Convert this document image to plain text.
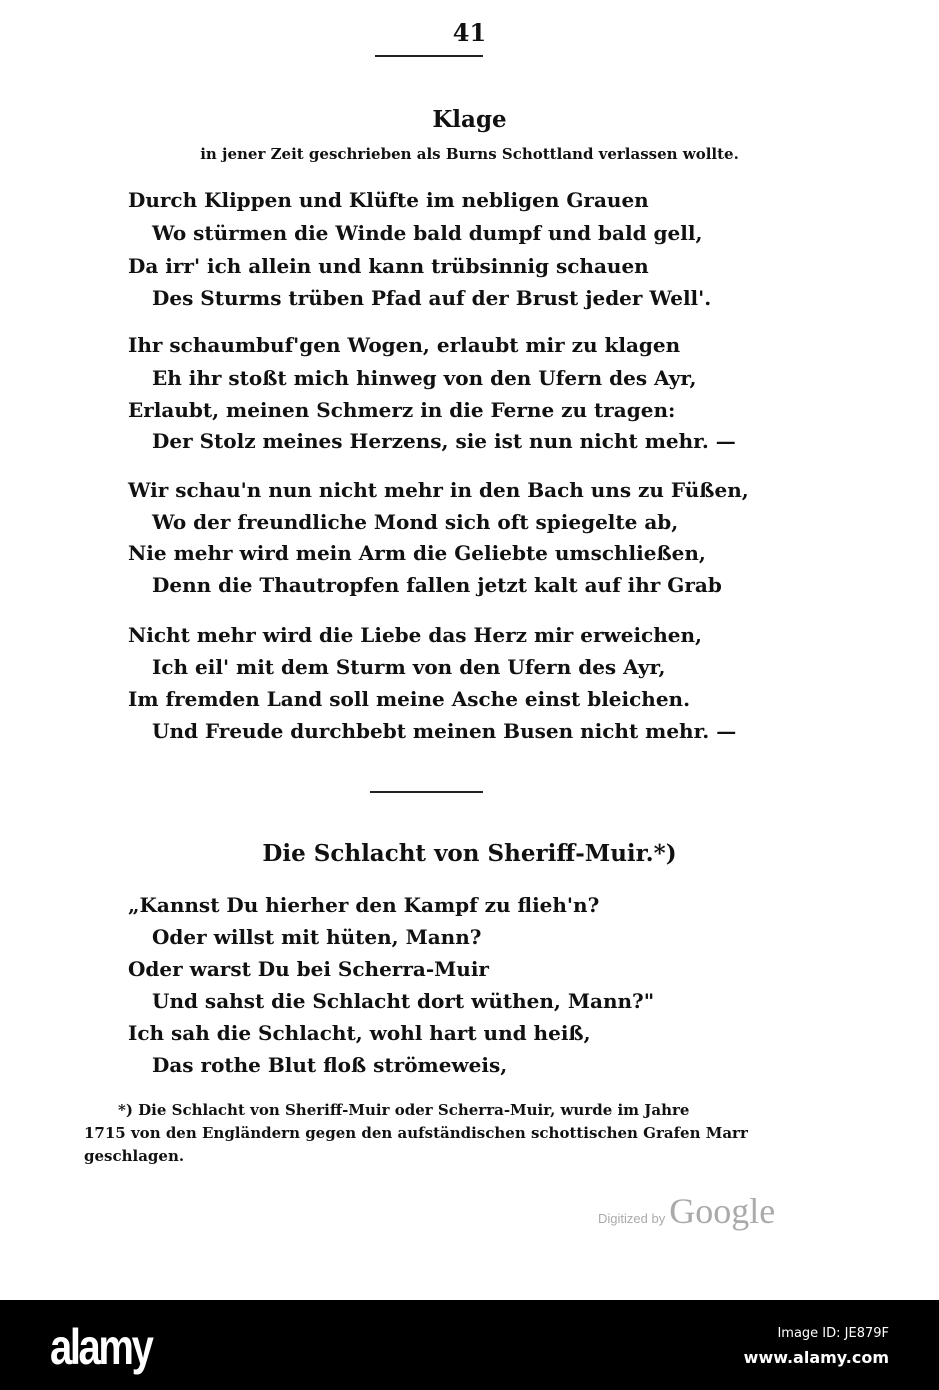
41
Klage
in jener Zeit geschrieben als Burns Schottland verlassen wollte.
Durch Klippen und Klüfte im nebligen Grauen
Wo stürmen die Winde bald dumpf und bald gell,
Da irr' ich allein und kann trübsinnig schauen
Des Sturms trüben Pfad auf der Brust jeder Well'.
Ihr schaumbuf'gen Wogen, erlaubt mir zu klagen
Eh ihr stoßt mich hinweg von den Ufern des Ayr,
Erlaubt, meinen Schmerz in die Ferne zu tragen:
Der Stolz meines Herzens, sie ist nun nicht mehr. —
Wir schau'n nun nicht mehr in den Bach uns zu Füßen,
Wo der freundliche Mond sich oft spiegelte ab,
Nie mehr wird mein Arm die Geliebte umschließen,
Denn die Thautropfen fallen jetzt kalt auf ihr Grab
Nicht mehr wird die Liebe das Herz mir erweichen,
Ich eil' mit dem Sturm von den Ufern des Ayr,
Im fremden Land soll meine Asche einst bleichen.
Und Freude durchbebt meinen Busen nicht mehr. —
Die Schlacht von Sheriff-Muir.*)
„Kannst Du hierher den Kampf zu flieh'n?
Oder willst mit hüten, Mann?
Oder warst Du bei Scherra-Muir
Und sahst die Schlacht dort wüthen, Mann?"
Ich sah die Schlacht, wohl hart und heiß,
Das rothe Blut floß strömeweis,
*) Die Schlacht von Sheriff-Muir oder Scherra-Muir, wurde im Jahre
1715 von den Engländern gegen den aufständischen schottischen Grafen Marr
geschlagen.
Digitized by Google
alamy	Image ID: JE879F
www.alamy.com
